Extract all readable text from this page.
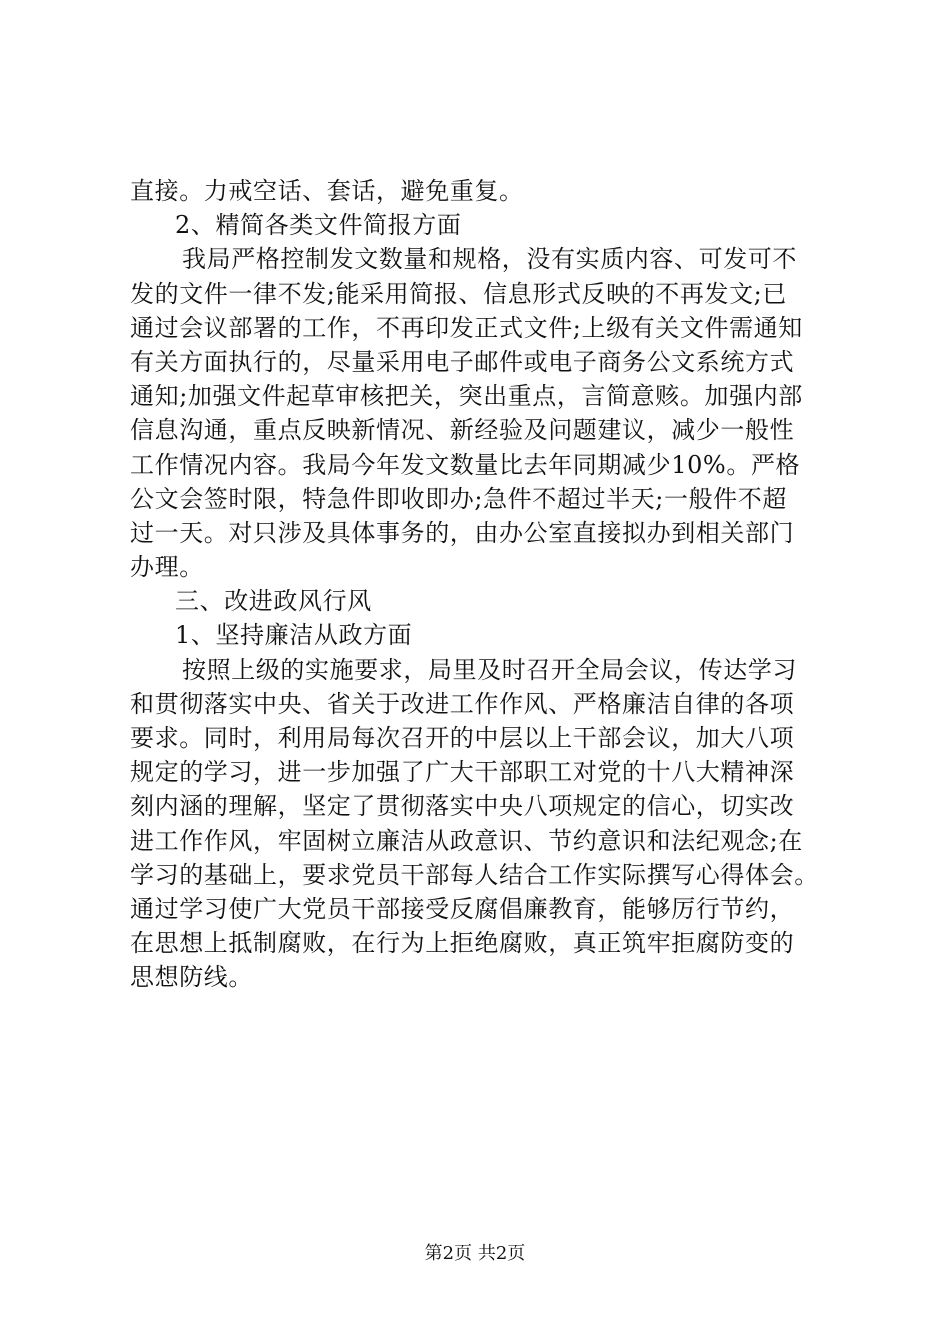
直接。力戒空话、套话，避免重复。
2、精简各类文件简报方面
我局严格控制发文数量和规格，没有实质内容、可发可不
发的文件一律不发;能采用简报、信息形式反映的不再发文;已
通过会议部署的工作，不再印发正式文件;上级有关文件需通知
有关方面执行的，尽量采用电子邮件或电子商务公文系统方式
通知;加强文件起草审核把关，突出重点，言简意赅。加强内部
信息沟通，重点反映新情况、新经验及问题建议，减少一般性
工作情况内容。我局今年发文数量比去年同期减少10%。严格
公文会签时限，特急件即收即办;急件不超过半天;一般件不超
过一天。对只涉及具体事务的，由办公室直接拟办到相关部门
办理。
三、改进政风行风
1、坚持廉洁从政方面
按照上级的实施要求，局里及时召开全局会议，传达学习
和贯彻落实中央、省关于改进工作作风、严格廉洁自律的各项
要求。同时，利用局每次召开的中层以上干部会议，加大八项
规定的学习，进一步加强了广大干部职工对党的十八大精神深
刻内涵的理解，坚定了贯彻落实中央八项规定的信心，切实改
进工作作风，牢固树立廉洁从政意识、节约意识和法纪观念;在
学习的基础上，要求党员干部每人结合工作实际撰写心得体会。
通过学习使广大党员干部接受反腐倡廉教育，能够厉行节约，
在思想上抵制腐败，在行为上拒绝腐败，真正筑牢拒腐防变的
思想防线。
第2页 共2页
